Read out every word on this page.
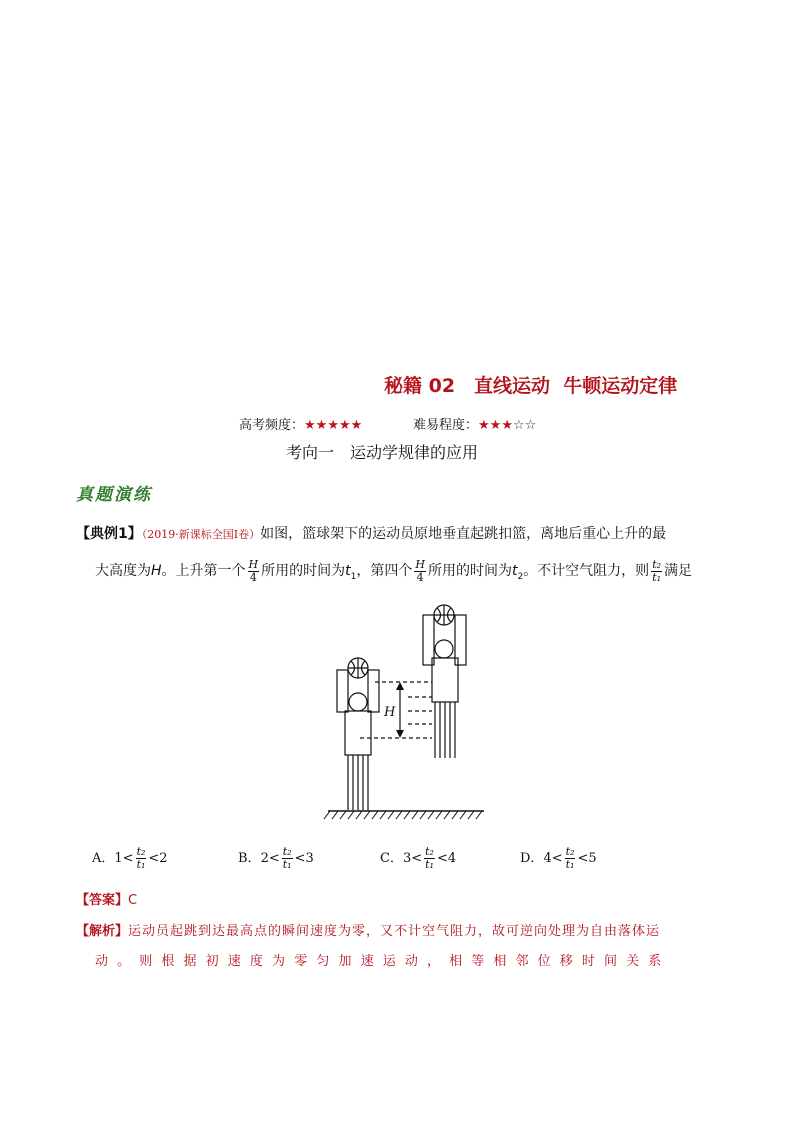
秘籍 02　直线运动  牛顿运动定律
高考频度：★★★★★	难易程度：★★★☆☆
考向一　运动学规律的应用
真题演练
【典例1】（2019·新课标全国Ⅰ卷）如图，篮球架下的运动员原地垂直起跳扣篮，离地后重心上升的最
大高度为H。上升第一个 $\frac{H}{4}$ 所用的时间为$t_1$，第四个 $\frac{H}{4}$ 所用的时间为$t_2$。不计空气阻力，则 $\frac{\text{t₂}}{\text{t₁}}$ 满足
H
A．$1< \frac{\text{t₂}}{\text{t₁}} <2$	B．$2< \frac{\text{t₂}}{\text{t₁}} <3$	C．$3< \frac{\text{t₂}}{\text{t₁}} <4$	D．$4< \frac{\text{t₂}}{\text{t₁}} <5$
【答案】C
【解析】运动员起跳到达最高点的瞬间速度为零，又不计空气阻力，故可逆向处理为自由落体运
动 。 则 根 据 初 速 度 为 零 匀 加 速 运 动 ， 相 等 相 邻 位 移 时 间 关 系
